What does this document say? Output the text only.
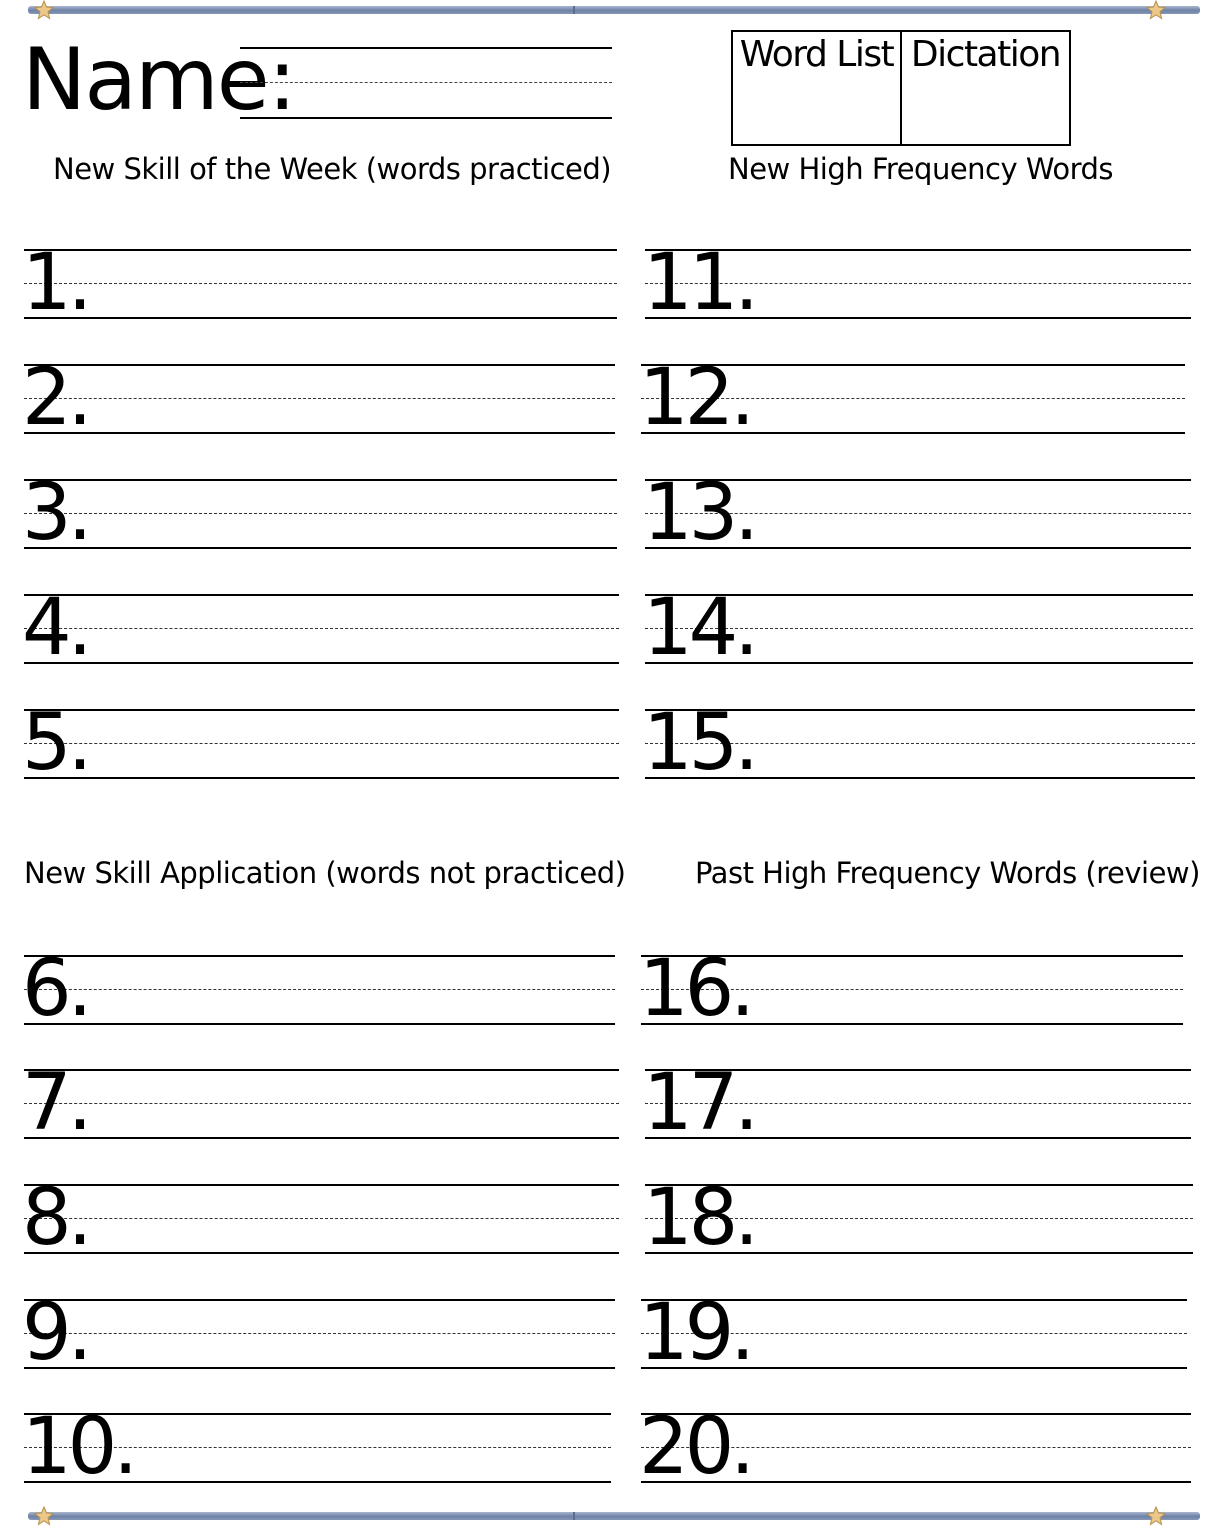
Name:	Word List Dictation
New Skill of the Week (words practiced)	New High Frequency Words
New Skill Application (words not practiced) Past High Frequency Words (review)
1.
2.
3.
4.
5.
11.
12.
13.
14.
15.
6.
7.
8.
9.
10.
16.
17.
18.
19.
20.
